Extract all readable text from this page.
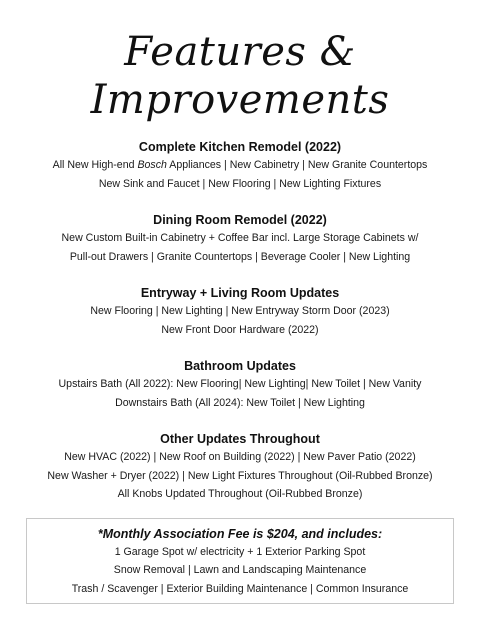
Features & Improvements
Complete Kitchen Remodel (2022)
All New High-end Bosch Appliances | New Cabinetry | New Granite Countertops
New Sink and Faucet | New Flooring | New Lighting Fixtures
Dining Room Remodel (2022)
New Custom Built-in Cabinetry + Coffee Bar incl. Large Storage Cabinets w/
Pull-out Drawers | Granite Countertops | Beverage Cooler | New Lighting
Entryway + Living Room Updates
New Flooring | New Lighting | New Entryway Storm Door (2023)
New Front Door Hardware (2022)
Bathroom Updates
Upstairs Bath (All 2022): New Flooring| New Lighting| New Toilet | New Vanity
Downstairs Bath (All 2024): New Toilet | New Lighting
Other Updates Throughout
New HVAC (2022) | New Roof on Building (2022) | New Paver Patio (2022)
New Washer + Dryer (2022) | New Light Fixtures Throughout (Oil-Rubbed Bronze)
All Knobs Updated Throughout (Oil-Rubbed Bronze)
*Monthly Association Fee is $204, and includes:
1 Garage Spot w/ electricity + 1 Exterior Parking Spot
Snow Removal | Lawn and Landscaping Maintenance
Trash / Scavenger | Exterior Building Maintenance | Common Insurance
